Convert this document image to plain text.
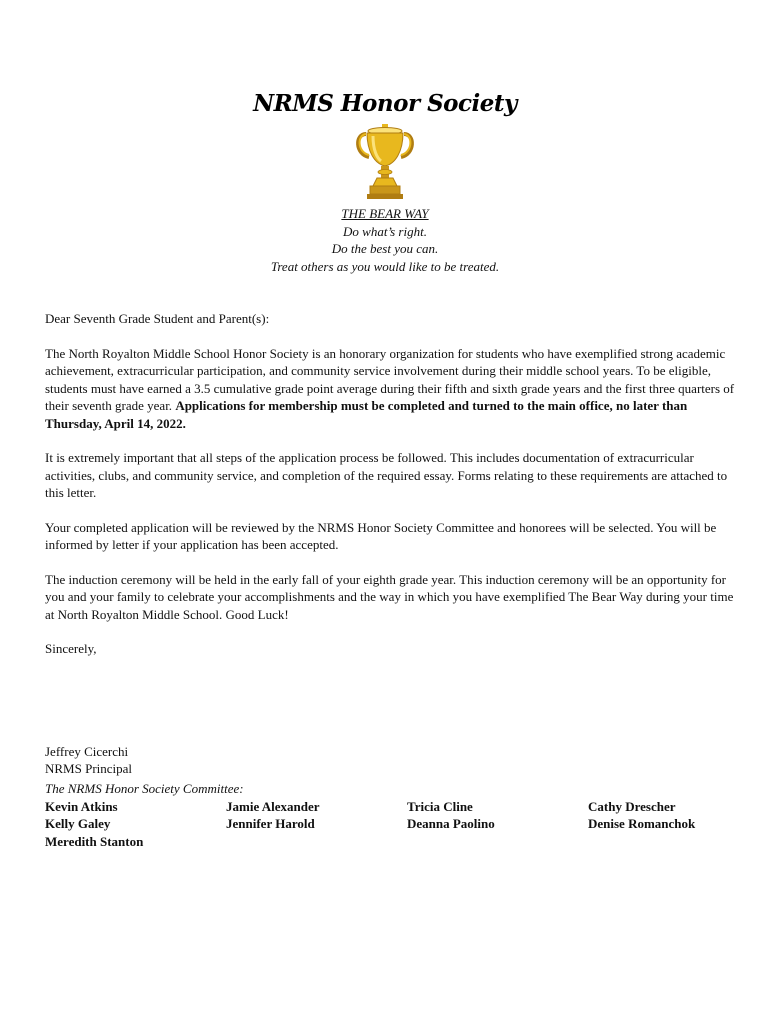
NRMS Honor Society
THE BEAR WAY
Do what’s right.
Do the best you can.
Treat others as you would like to be treated.

Dear Seventh Grade Student and Parent(s):

The North Royalton Middle School Honor Society is an honorary organization for students who have exemplified strong academic achievement, extracurricular participation, and community service involvement during their middle school years. To be eligible, students must have earned a 3.5 cumulative grade point average during their fifth and sixth grade years and the first three quarters of their seventh grade year. Applications for membership must be completed and turned to the main office, no later than Thursday, April 14, 2022.

It is extremely important that all steps of the application process be followed. This includes documentation of extracurricular activities, clubs, and community service, and completion of the required essay. Forms relating to these requirements are attached to this letter.

Your completed application will be reviewed by the NRMS Honor Society Committee and honorees will be selected. You will be informed by letter if your application has been accepted.

The induction ceremony will be held in the early fall of your eighth grade year. This induction ceremony will be an opportunity for you and your family to celebrate your accomplishments and the way in which you have exemplified The Bear Way during your time at North Royalton Middle School. Good Luck!

Sincerely,

Jeffrey Cicerchi

NRMS Principal

The NRMS Honor Society Committee:
Kevin Atkins	Jamie Alexander	Tricia Cline	Cathy Drescher
Kelly Galey	Jennifer Harold	Deanna Paolino	Denise Romanchok
Meredith Stanton
